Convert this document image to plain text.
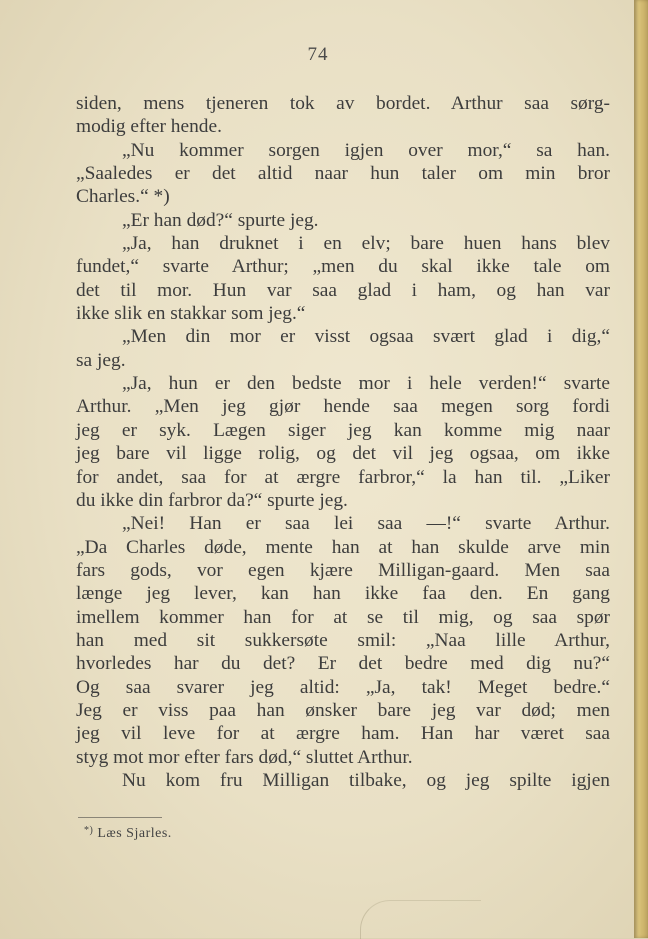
74
siden, mens tjeneren tok av bordet. Arthur saa sørg-
modig efter hende.
„Nu kommer sorgen igjen over mor,“ sa han.
„Saaledes er det altid naar hun taler om min bror
Charles.“ *)
„Er han død?“ spurte jeg.
„Ja, han druknet i en elv; bare huen hans blev
fundet,“ svarte Arthur; „men du skal ikke tale om
det til mor. Hun var saa glad i ham, og han var
ikke slik en stakkar som jeg.“
„Men din mor er visst ogsaa svært glad i dig,“
sa jeg.
„Ja, hun er den bedste mor i hele verden!“ svarte
Arthur. „Men jeg gjør hende saa megen sorg fordi
jeg er syk. Lægen siger jeg kan komme mig naar
jeg bare vil ligge rolig, og det vil jeg ogsaa, om ikke
for andet, saa for at ærgre farbror,“ la han til. „Liker
du ikke din farbror da?“ spurte jeg.
„Nei! Han er saa lei saa —!“ svarte Arthur.
„Da Charles døde, mente han at han skulde arve min
fars gods, vor egen kjære Milligan-gaard. Men saa
længe jeg lever, kan han ikke faa den. En gang
imellem kommer han for at se til mig, og saa spør
han med sit sukkersøte smil: „Naa lille Arthur,
hvorledes har du det? Er det bedre med dig nu?“
Og saa svarer jeg altid: „Ja, tak! Meget bedre.“
Jeg er viss paa han ønsker bare jeg var død; men
jeg vil leve for at ærgre ham. Han har været saa
styg mot mor efter fars død,“ sluttet Arthur.
Nu kom fru Milligan tilbake, og jeg spilte igjen
*) Læs Sjarles.
